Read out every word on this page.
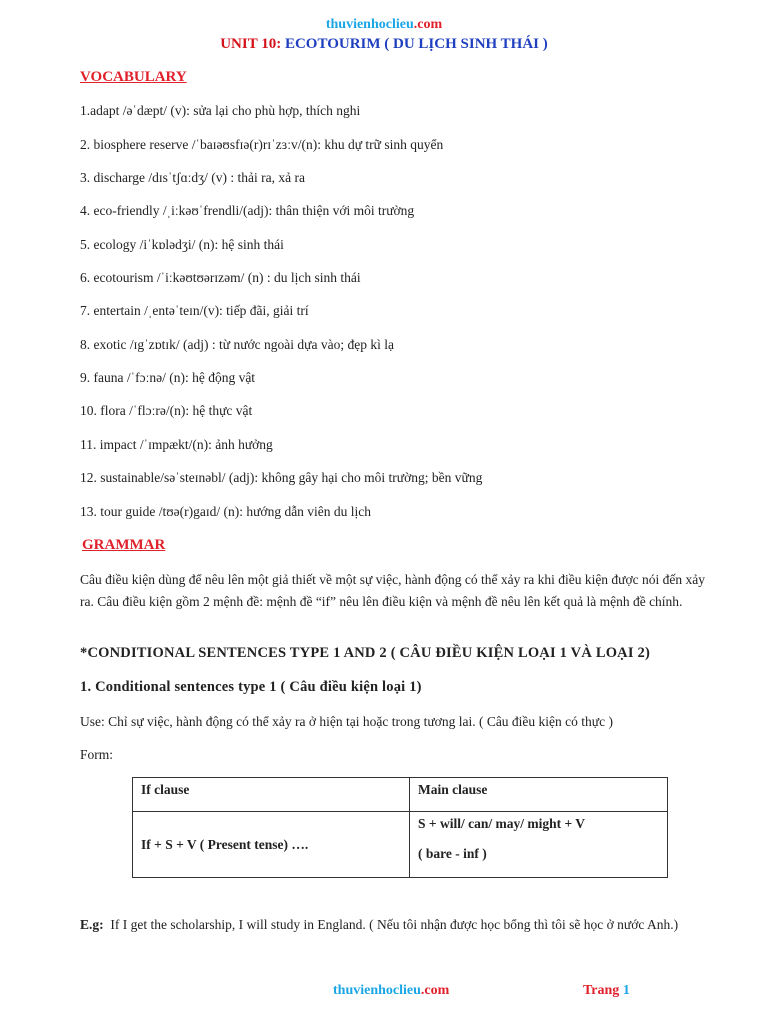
thuvienhoclieu.com
UNIT 10: ECOTOURIM ( DU LỊCH SINH THÁI )
VOCABULARY
1.adapt /əˈdæpt/ (v): sửa lại cho phù hợp, thích nghi
2. biosphere reserve /ˈbaɪəʊsfɪə(r)rɪˈzɜːv/(n): khu dự trữ sinh quyển
3. discharge /dɪsˈtʃɑːdʒ/ (v) : thải ra, xả ra
4. eco-friendly /ˌiːkəʊˈfrendli/(adj): thân thiện với môi trường
5. ecology /iˈkɒlədʒi/ (n): hệ sinh thái
6. ecotourism /ˈiːkəʊtʊərɪzəm/ (n) : du lịch sinh thái
7. entertain /ˌentəˈteɪn/(v): tiếp đãi, giải trí
8. exotic /ɪgˈzɒtɪk/ (adj) : từ nước ngoài dựa vào; đẹp kì lạ
9. fauna /ˈfɔːnə/ (n): hệ động vật
10. flora /ˈflɔːrə/(n): hệ thực vật
11. impact /ˈɪmpækt/(n): ảnh hưởng
12. sustainable/səˈsteɪnəbl/ (adj): không gây hại cho môi trường; bền vững
13. tour guide /tʊə(r)gaɪd/ (n): hướng dẫn viên du lịch
GRAMMAR
Câu điều kiện dùng để nêu lên một giả thiết về một sự việc, hành động có thể xảy ra khi điều kiện được nói đến xảy ra. Câu điều kiện gồm 2 mệnh đề: mệnh đề “if” nêu lên điều kiện và mệnh đề nêu lên kết quả là mệnh đề chính.
*CONDITIONAL SENTENCES TYPE 1 AND 2 ( CÂU ĐIỀU KIỆN LOẠI 1 VÀ LOẠI 2)
1. Conditional sentences type 1 ( Câu điều kiện loại 1)
Use: Chỉ sự việc, hành động có thể xảy ra ở hiện tại hoặc trong tương lai. ( Câu điều kiện có thực )
Form:
If clause	Main clause
If + S + V ( Present tense) ….	S + will/ can/ may/ might + V
( bare - inf )
E.g: If I get the scholarship, I will study in England. ( Nếu tôi nhận được học bổng thì tôi sẽ học ở nước Anh.)
thuvienhoclieu.com	Trang 1
